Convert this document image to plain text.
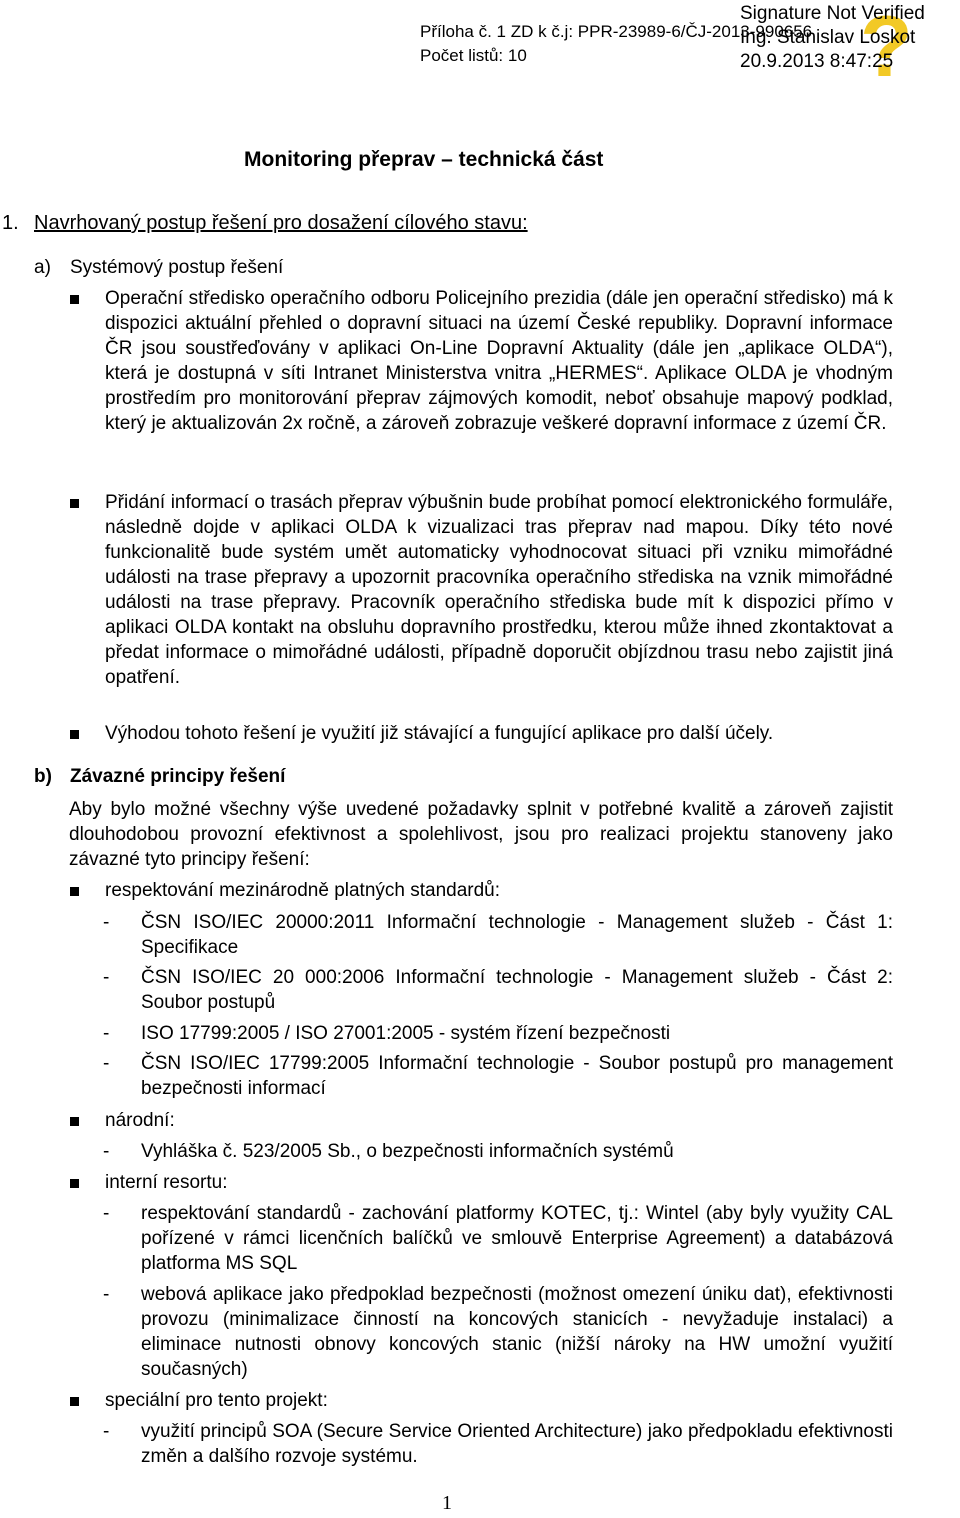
Příloha č. 1 ZD k č.j: PPR-23989-6/ČJ-2013-990656
Počet listů: 10	?
Signature Not Verified
Ing. Stanislav Loskot
20.9.2013 8:47:25
Monitoring přeprav – technická část
1. Navrhovaný postup řešení pro dosažení cílového stavu:
a) Systémový postup řešení
Operační středisko operačního odboru Policejního prezidia (dále jen operační středisko) má k dispozici aktuální přehled o dopravní situaci na území České republiky. Dopravní informace ČR jsou soustřeďovány v aplikaci On-Line Dopravní Aktuality (dále jen „aplikace OLDA“), která je dostupná v síti Intranet Ministerstva vnitra „HERMES“. Aplikace OLDA je vhodným prostředím pro monitorování přeprav zájmových komodit, neboť obsahuje mapový podklad, který je aktualizován 2x ročně, a zároveň zobrazuje veškeré dopravní informace z území ČR.
Přidání informací o trasách přeprav výbušnin bude probíhat pomocí elektronického formuláře, následně dojde v aplikaci OLDA k vizualizaci tras přeprav nad mapou. Díky této nové funkcionalitě bude systém umět automaticky vyhodnocovat situaci při vzniku mimořádné události na trase přepravy a upozornit pracovníka operačního střediska na vznik mimořádné události na trase přepravy. Pracovník operačního střediska bude mít k dispozici přímo v aplikaci OLDA kontakt na obsluhu dopravního prostředku, kterou může ihned zkontaktovat a předat informace o mimořádné události, případně doporučit objízdnou trasu nebo zajistit jiná opatření.
Výhodou tohoto řešení je využití již stávající a fungující aplikace pro další účely.
b) Závazné principy řešení
Aby bylo možné všechny výše uvedené požadavky splnit v potřebné kvalitě a zároveň zajistit dlouhodobou provozní efektivnost a spolehlivost, jsou pro realizaci projektu stanoveny jako závazné tyto principy řešení:
respektování mezinárodně platných standardů:
- ČSN ISO/IEC 20000:2011 Informační technologie - Management služeb - Část 1: Specifikace
- ČSN ISO/IEC 20 000:2006 Informační technologie - Management služeb - Část 2: Soubor postupů
- ISO 17799:2005 / ISO 27001:2005 - systém řízení bezpečnosti
- ČSN ISO/IEC 17799:2005 Informační technologie - Soubor postupů pro management bezpečnosti informací
národní:
- Vyhláška č. 523/2005 Sb., o bezpečnosti informačních systémů
interní resortu:
- respektování standardů - zachování platformy KOTEC, tj.: Wintel (aby byly využity CAL pořízené v rámci licenčních balíčků ve smlouvě Enterprise Agreement) a databázová platforma MS SQL
- webová aplikace jako předpoklad bezpečnosti (možnost omezení úniku dat), efektivnosti provozu (minimalizace činností na koncových stanicích - nevyžaduje instalaci) a eliminace nutnosti obnovy koncových stanic (nižší nároky na HW umožní využití současných)
speciální pro tento projekt:
- využití principů SOA (Secure Service Oriented Architecture) jako předpokladu efektivnosti změn a dalšího rozvoje systému.
1
